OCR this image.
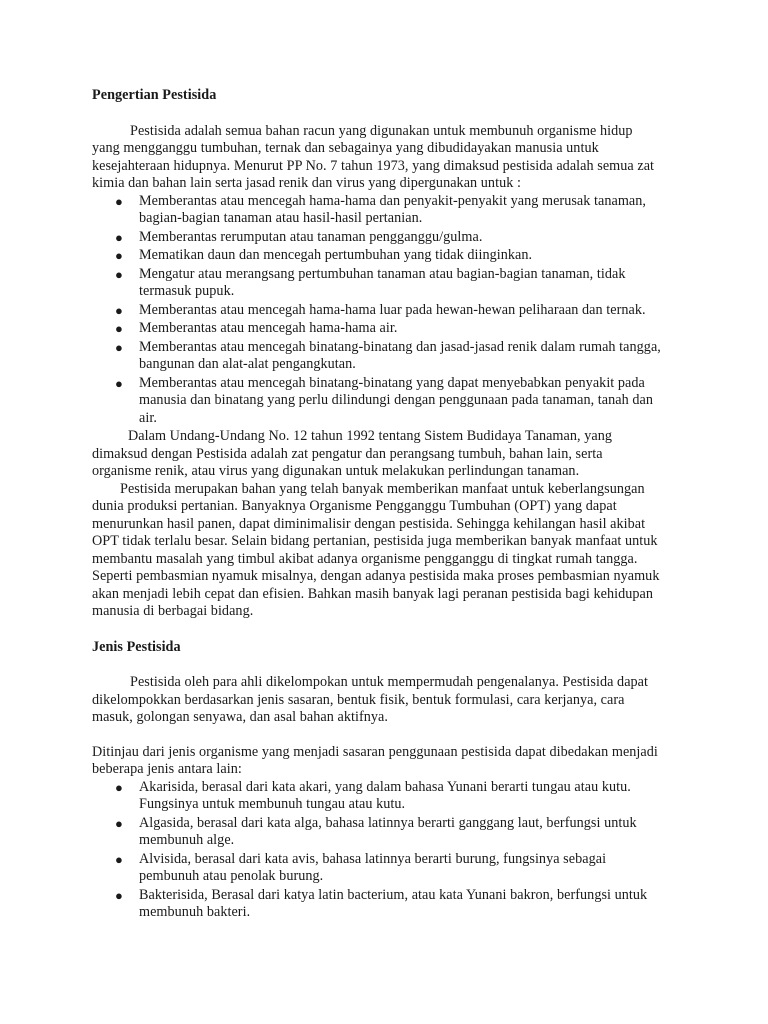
Pengertian Pestisida

Pestisida adalah semua bahan racun yang digunakan untuk membunuh organisme hidup yang mengganggu tumbuhan, ternak dan sebagainya yang dibudidayakan manusia untuk kesejahteraan hidupnya. Menurut PP No. 7 tahun 1973, yang dimaksud pestisida adalah semua zat kimia dan bahan lain serta jasad renik dan virus yang dipergunakan untuk :

● Memberantas atau mencegah hama-hama dan penyakit-penyakit yang merusak tanaman, bagian-bagian tanaman atau hasil-hasil pertanian.
● Memberantas rerumputan atau tanaman pengganggu/gulma.
● Mematikan daun dan mencegah pertumbuhan yang tidak diinginkan.
● Mengatur atau merangsang pertumbuhan tanaman atau bagian-bagian tanaman, tidak termasuk pupuk.
● Memberantas atau mencegah hama-hama luar pada hewan-hewan peliharaan dan ternak.
● Memberantas atau mencegah hama-hama air.
● Memberantas atau mencegah binatang-binatang dan jasad-jasad renik dalam rumah tangga, bangunan dan alat-alat pengangkutan.
● Memberantas atau mencegah binatang-binatang yang dapat menyebabkan penyakit pada manusia dan binatang yang perlu dilindungi dengan penggunaan pada tanaman, tanah dan air.

Dalam Undang-Undang No. 12 tahun 1992 tentang Sistem Budidaya Tanaman, yang dimaksud dengan Pestisida adalah zat pengatur dan perangsang tumbuh, bahan lain, serta organisme renik, atau virus yang digunakan untuk melakukan perlindungan tanaman.

Pestisida merupakan bahan yang telah banyak memberikan manfaat untuk keberlangsungan dunia produksi pertanian. Banyaknya Organisme Pengganggu Tumbuhan (OPT) yang dapat menurunkan hasil panen, dapat diminimalisir dengan pestisida. Sehingga kehilangan hasil akibat OPT tidak terlalu besar. Selain bidang pertanian, pestisida juga memberikan banyak manfaat untuk membantu masalah yang timbul akibat adanya organisme pengganggu di tingkat rumah tangga. Seperti pembasmian nyamuk misalnya, dengan adanya pestisida maka proses pembasmian nyamuk akan menjadi lebih cepat dan efisien. Bahkan masih banyak lagi peranan pestisida bagi kehidupan manusia di berbagai bidang.

Jenis Pestisida

Pestisida oleh para ahli dikelompokan untuk mempermudah pengenalanya. Pestisida dapat dikelompokkan berdasarkan jenis sasaran, bentuk fisik, bentuk formulasi, cara kerjanya, cara masuk, golongan senyawa, dan asal bahan aktifnya.

Ditinjau dari jenis organisme yang menjadi sasaran penggunaan pestisida dapat dibedakan menjadi beberapa jenis antara lain:

● Akarisida, berasal dari kata akari, yang dalam bahasa Yunani berarti tungau atau kutu. Fungsinya untuk membunuh tungau atau kutu.
● Algasida, berasal dari kata alga, bahasa latinnya berarti ganggang laut, berfungsi untuk membunuh alge.
● Alvisida, berasal dari kata avis, bahasa latinnya berarti burung, fungsinya sebagai pembunuh atau penolak burung.
● Bakterisida, Berasal dari katya latin bacterium, atau kata Yunani bakron, berfungsi untuk membunuh bakteri.
